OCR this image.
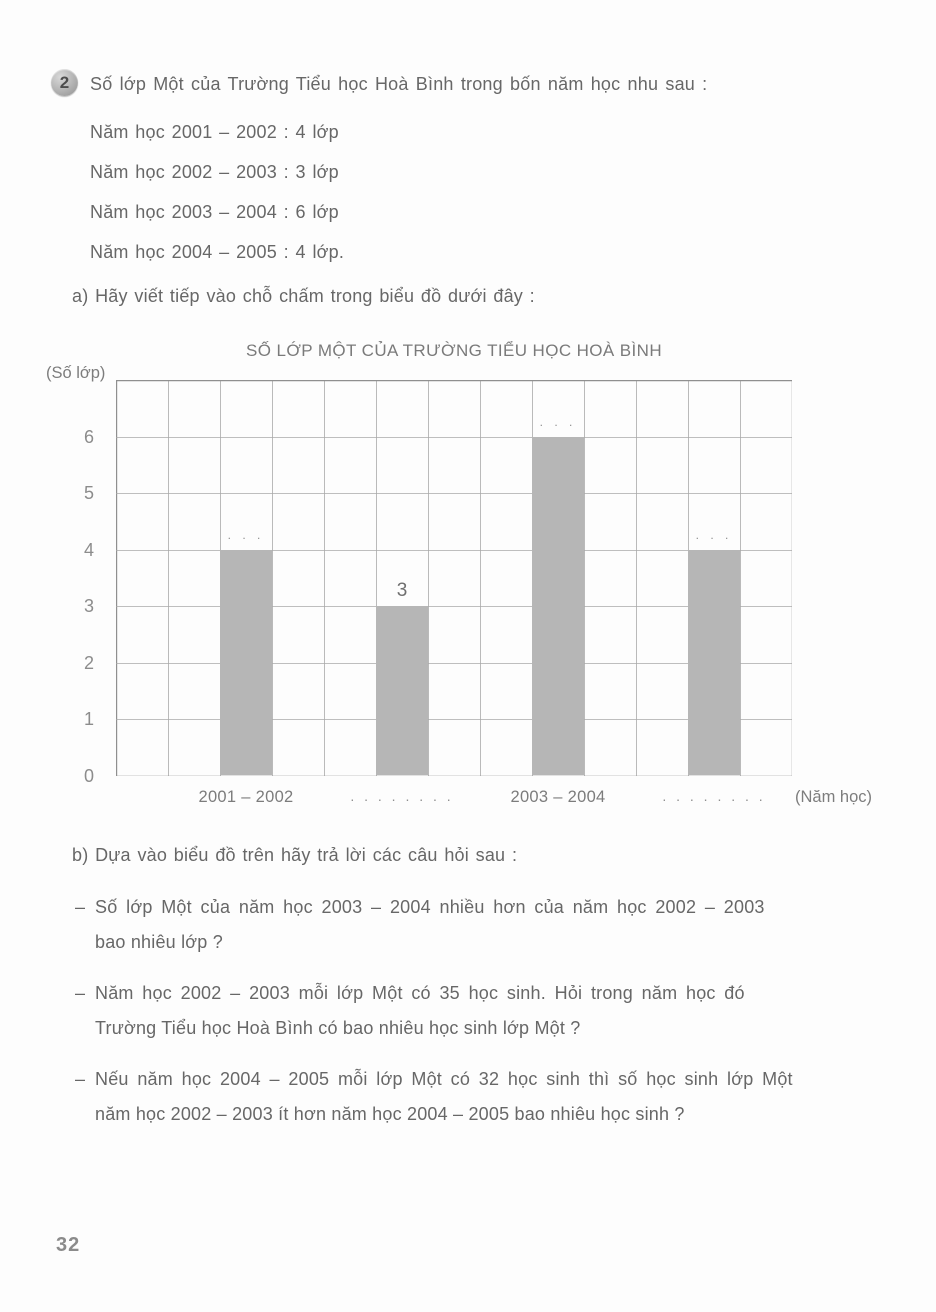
2	Số lớp Một của Trường Tiểu học Hoà Bình trong bốn năm học nhu sau :
Năm học 2001 – 2002 : 4 lớp
Năm học 2002 – 2003 : 3 lớp
Năm học 2003 – 2004 : 6 lớp
Năm học 2004 – 2005 : 4 lớp.
a) Hãy viết tiếp vào chỗ chấm trong biểu đồ dưới đây :
SỐ LỚP MỘT CỦA TRƯỜNG TIỂU HỌC HOÀ BÌNH
(Số lớp)
0
1
2
3
4
5
6
. . .
3
. . .
. . .
2001 – 2002	. . . . . . . .	2003 – 2004	. . . . . . . . (Năm học)
b) Dựa vào biểu đồ trên hãy trả lời các câu hỏi sau :
– Số lớp Một của năm học 2003 – 2004 nhiều hơn của năm học 2002 – 2003
bao nhiêu lớp ?
– Năm học 2002 – 2003 mỗi lớp Một có 35 học sinh. Hỏi trong năm học đó
Trường Tiểu học Hoà Bình có bao nhiêu học sinh lớp Một ?
– Nếu năm học 2004 – 2005 mỗi lớp Một có 32 học sinh thì số học sinh lớp Một
năm học 2002 – 2003 ít hơn năm học 2004 – 2005 bao nhiêu học sinh ?
32
